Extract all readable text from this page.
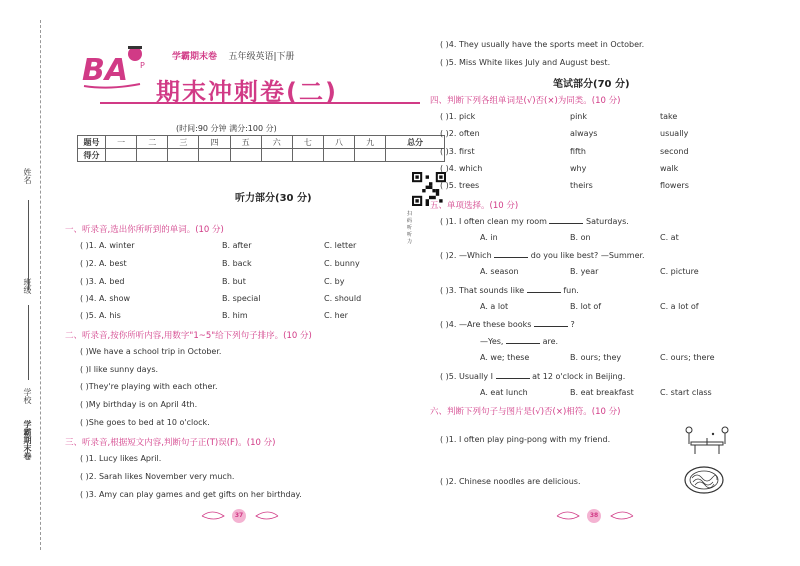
姓名
班级
学校
学霸期末卷
BA P
学霸期末卷 五年级英语|下册
期末冲刺卷(二)
(时间:90 分钟 满分:100 分)
题号	一	二	三	四	五	六	七	八	九	总分
得分										
扫码听听力
听力部分(30 分)
一、听录音,选出你所听到的单词。(10 分)
( )1. A. winter	B. after	C. letter
( )2. A. best	B. back	C. bunny
( )3. A. bed	B. but	C. by
( )4. A. show	B. special	C. should
( )5. A. his	B. him	C. her
二、听录音,按你所听内容,用数字"1~5"给下列句子排序。(10 分)
( )We have a school trip in October.
( )I like sunny days.
( )They're playing with each other.
( )My birthday is on April 4th.
( )She goes to bed at 10 o'clock.
三、听录音,根据短文内容,判断句子正(T)误(F)。(10 分)
( )1. Lucy likes April.
( )2. Sarah likes November very much.
( )3. Amy can play games and get gifts on her birthday.
37
( )4. They usually have the sports meet in October.
( )5. Miss White likes July and August best.
笔试部分(70 分)
四、判断下列各组单词是(√)否(×)为同类。(10 分)
( )1. pick	pink	take
( )2. often	always	usually
( )3. first	fifth	second
( )4. which	why	walk
( )5. trees	theirs	flowers
五、单项选择。(10 分)
( )1. I often clean my room	Saturdays.
A. in	B. on	C. at
( )2. —Which	do you like best? —Summer.
A. season	B. year	C. picture
( )3. That sounds like	fun.
A. a lot	B. lot of	C. a lot of
( )4. —Are these books	?
—Yes,	are.
A. we; these	B. ours; they	C. ours; there
( )5. Usually I	at 12 o'clock in Beijing.
A. eat lunch	B. eat breakfast	C. start class
六、判断下列句子与图片是(√)否(×)相符。(10 分)
( )1. I often play ping-pong with my friend.
( )2. Chinese noodles are delicious.
38
